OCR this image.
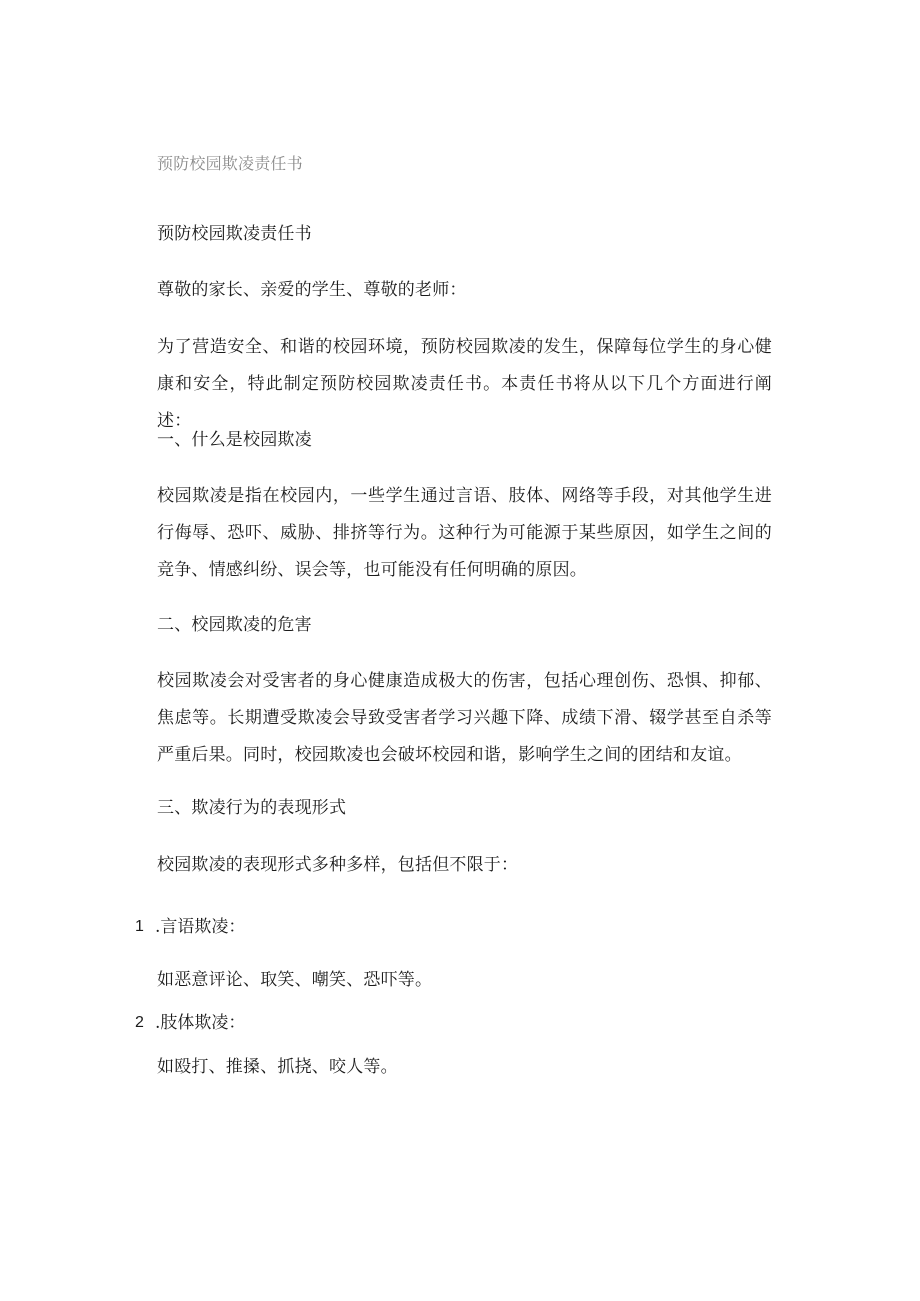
预防校园欺凌责任书
预防校园欺凌责任书
尊敬的家长、亲爱的学生、尊敬的老师：
为了营造安全、和谐的校园环境，预防校园欺凌的发生，保障每位学生的身心健康和安全，特此制定预防校园欺凌责任书。本责任书将从以下几个方面进行阐述：
一、什么是校园欺凌
校园欺凌是指在校园内，一些学生通过言语、肢体、网络等手段，对其他学生进行侮辱、恐吓、威胁、排挤等行为。这种行为可能源于某些原因，如学生之间的竞争、情感纠纷、误会等，也可能没有任何明确的原因。
二、校园欺凌的危害
校园欺凌会对受害者的身心健康造成极大的伤害，包括心理创伤、恐惧、抑郁、焦虑等。长期遭受欺凌会导致受害者学习兴趣下降、成绩下滑、辍学甚至自杀等严重后果。同时，校园欺凌也会破坏校园和谐，影响学生之间的团结和友谊。
三、欺凌行为的表现形式
校园欺凌的表现形式多种多样，包括但不限于：
1 .言语欺凌：
如恶意评论、取笑、嘲笑、恐吓等。
2 .肢体欺凌：
如殴打、推搡、抓挠、咬人等。
